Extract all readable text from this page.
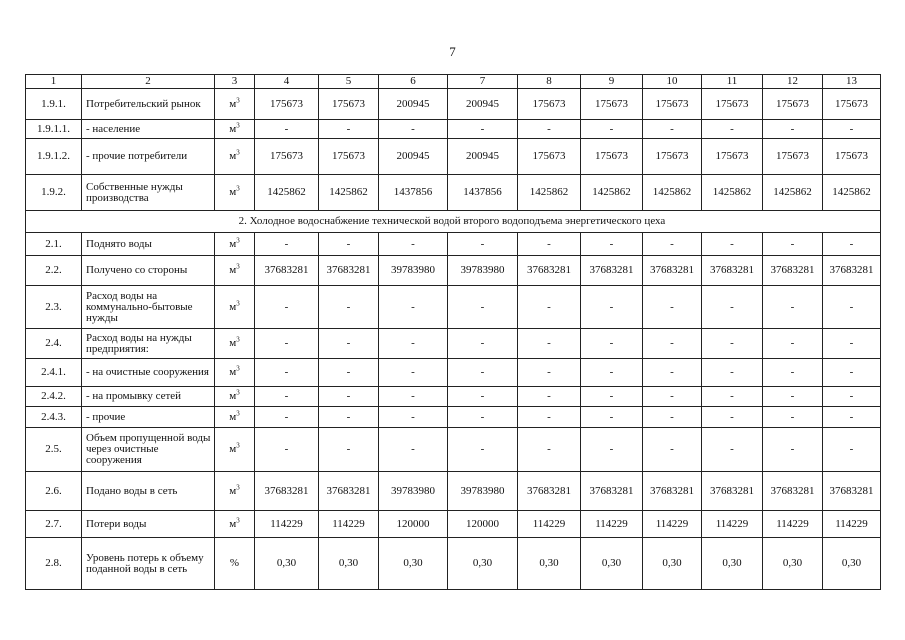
7
1	2	3	4	5	6	7	8	9	10	11	12	13
1.9.1.	Потребительский рынок	$м^3$	175673	175673	200945	200945	175673	175673	175673	175673	175673	175673
1.9.1.1.	- население	$м^3$	-	-	-	-	-	-	-	-	-	-
1.9.1.2.	- прочие потребители	$м^3$	175673	175673	200945	200945	175673	175673	175673	175673	175673	175673
1.9.2.	Собственные нужды производства	$м^3$	1425862	1425862	1437856	1437856	1425862	1425862	1425862	1425862	1425862	1425862
2. Холодное водоснабжение технической водой второго водоподъема энергетического цеха												
2.1.	Поднято воды	$м^3$	-	-	-	-	-	-	-	-	-	-
2.2.	Получено со стороны	$м^3$	37683281	37683281	39783980	39783980	37683281	37683281	37683281	37683281	37683281	37683281
2.3.	Расход воды на коммунально-бытовые нужды	$м^3$	-	-	-	-	-	-	-	-	-	-
2.4.	Расход воды на нужды предприятия:	$м^3$	-	-	-	-	-	-	-	-	-	-
2.4.1.	- на очистные сооружения	$м^3$	-	-	-	-	-	-	-	-	-	-
2.4.2.	- на промывку сетей	$м^3$	-	-	-	-	-	-	-	-	-	-
2.4.3.	- прочие	$м^3$	-	-	-	-	-	-	-	-	-	-
2.5.	Объем пропущенной воды через очистные сооружения	$м^3$	-	-	-	-	-	-	-	-	-	-
2.6.	Подано воды в сеть	$м^3$	37683281	37683281	39783980	39783980	37683281	37683281	37683281	37683281	37683281	37683281
2.7.	Потери воды	$м^3$	114229	114229	120000	120000	114229	114229	114229	114229	114229	114229
2.8.	Уровень потерь к объему поданной воды в сеть	%	0,30	0,30	0,30	0,30	0,30	0,30	0,30	0,30	0,30	0,30
